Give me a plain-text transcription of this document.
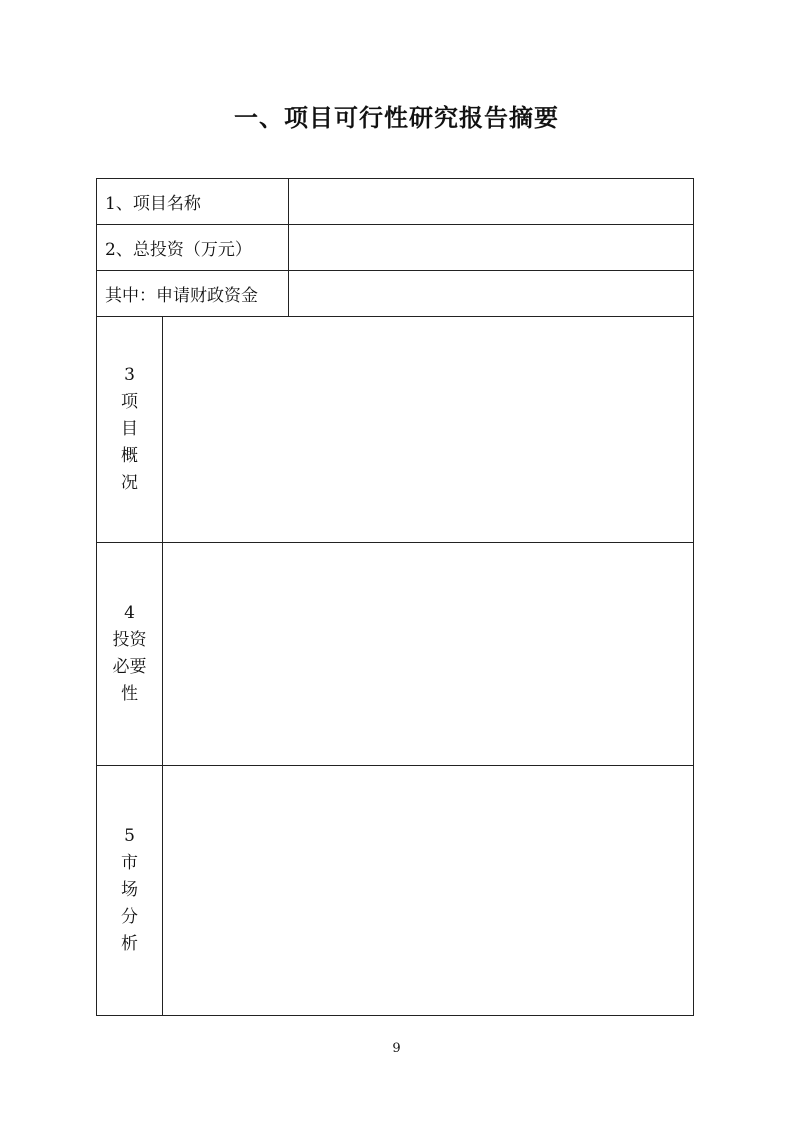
一、项目可行性研究报告摘要
1、项目名称		
2、总投资（万元）		
其中：申请财政资金		

3
项
目
概
况		

4
投资
必要
性		

5
市
场
分
析		

9
